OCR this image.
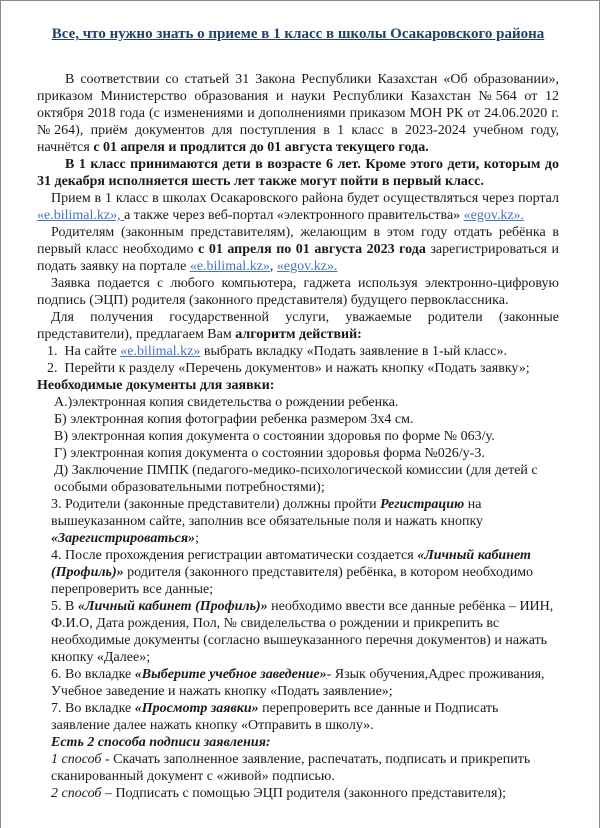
Все, что нужно знать о приеме в 1 класс в школы Осакаровского района

В соответствии со статьей 31 Закона Республики Казахстан «Об образовании», приказом Министерство образования и науки Республики Казахстан №564 от 12 октября 2018 года (с изменениями и дополнениями приказом МОН РК от 24.06.2020 г. №264), приём документов для поступления в 1 класс в 2023-2024 учебном году, начнётся с 01 апреля и продлится до 01 августа текущего года.

В 1 класс принимаются дети в возрасте 6 лет. Кроме этого дети, которым до 31 декабря исполняется шесть лет также могут пойти в первый класс.

Прием в 1 класс в школах Осакаровского района будет осуществляться через портал «e.bilimal.kz», а также через веб-портал «электронного правительства» «egov.kz».

Родителям (законным представителям), желающим в этом году отдать ребёнка в первый класс необходимо с 01 апреля по 01 августа 2023 года зарегистрироваться и подать заявку на портале «e.bilimal.kz», «egov.kz».

Заявка подается с любого компьютера, гаджета используя электронно-цифровую подпись (ЭЦП) родителя (законного представителя) будущего первоклассника.

Для получения государственной услуги, уважаемые родители (законные представители), предлагаем Вам алгоритм действий:

1.  На сайте «e.bilimal.kz» выбрать вкладку «Подать заявление в 1-ый класс».

2.  Перейти к разделу «Перечень документов» и нажать кнопку «Подать заявку»;

Необходимые документы для заявки:

А.)электронная копия свидетельства о рождении ребенка.

Б) электронная копия фотографии ребенка размером 3х4 см.

В) электронная копия документа о состоянии здоровья по форме № 063/у.

Г) электронная копия документа о состоянии здоровья форма №026/у-3.

Д) Заключение ПМПК (педагого-медико-психологической комиссии (для детей с особыми образовательными потребностями);

3. Родители (законные представители) должны пройти Регистрацию на вышеуказанном сайте, заполнив все обязательные поля и нажать кнопку «Зарегистрироваться»;

4. После прохождения регистрации автоматически создается «Личный кабинет (Профиль)» родителя (законного представителя) ребёнка, в котором необходимо перепроверить все данные;

5. В «Личный кабинет (Профиль)» необходимо ввести все данные ребёнка – ИИН, Ф.И.О, Дата рождения, Пол, № свиделельства о рождении и прикрепить вс необходимые документы (согласно вышеуказанного перечня документов) и нажать кнопку «Далее»;

6. Во вкладке «Выберите учебное заведение»- Язык обучения,Адрес проживания, Учебное заведение и нажать кнопку «Подать заявление»;

7. Во вкладке «Просмотр заявки» перепроверить все данные и Подписать заявление далее нажать кнопку «Отправить в школу».

Есть 2 способа подписи заявления:

1 способ - Скачать заполненное заявление, распечатать, подписать и прикрепить сканированный документ с «живой» подписью.

2 способ – Подписать с помощью ЭЦП родителя (законного представителя);
